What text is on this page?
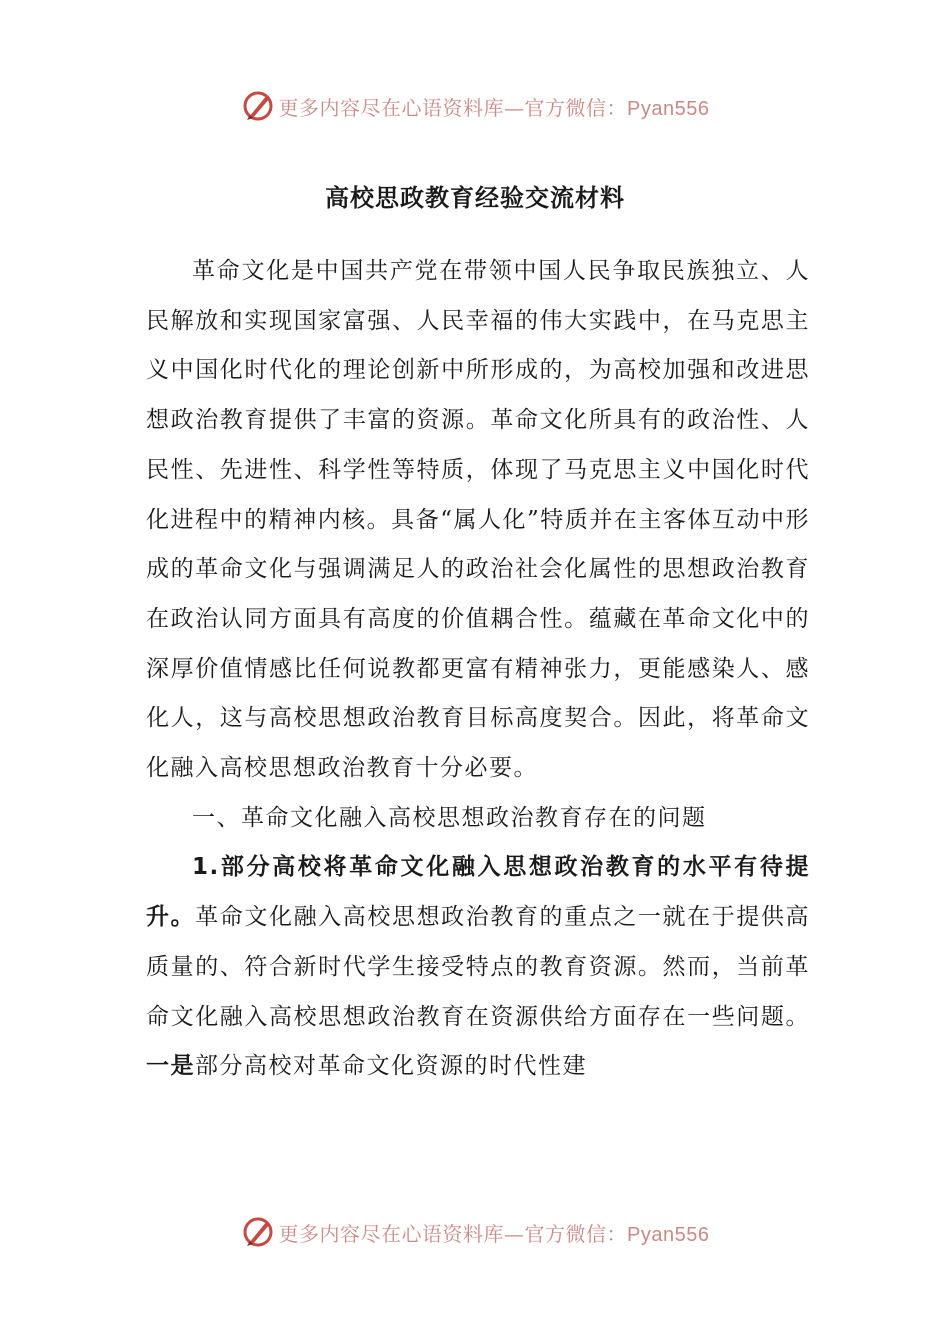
更多内容尽在心语资料库—官方微信：Pyan556
高校思政教育经验交流材料

革命文化是中国共产党在带领中国人民争取民族独立、人民解放和实现国家富强、人民幸福的伟大实践中，在马克思主义中国化时代化的理论创新中所形成的，为高校加强和改进思想政治教育提供了丰富的资源。革命文化所具有的政治性、人民性、先进性、科学性等特质，体现了马克思主义中国化时代化进程中的精神内核。具备“属人化”特质并在主客体互动中形成的革命文化与强调满足人的政治社会化属性的思想政治教育在政治认同方面具有高度的价值耦合性。蕴藏在革命文化中的深厚价值情感比任何说教都更富有精神张力，更能感染人、感化人，这与高校思想政治教育目标高度契合。因此，将革命文化融入高校思想政治教育十分必要。

一、革命文化融入高校思想政治教育存在的问题

1.部分高校将革命文化融入思想政治教育的水平有待提升。革命文化融入高校思想政治教育的重点之一就在于提供高质量的、符合新时代学生接受特点的教育资源。然而，当前革命文化融入高校思想政治教育在资源供给方面存在一些问题。一是部分高校对革命文化资源的时代性建

更多内容尽在心语资料库—官方微信：Pyan556
